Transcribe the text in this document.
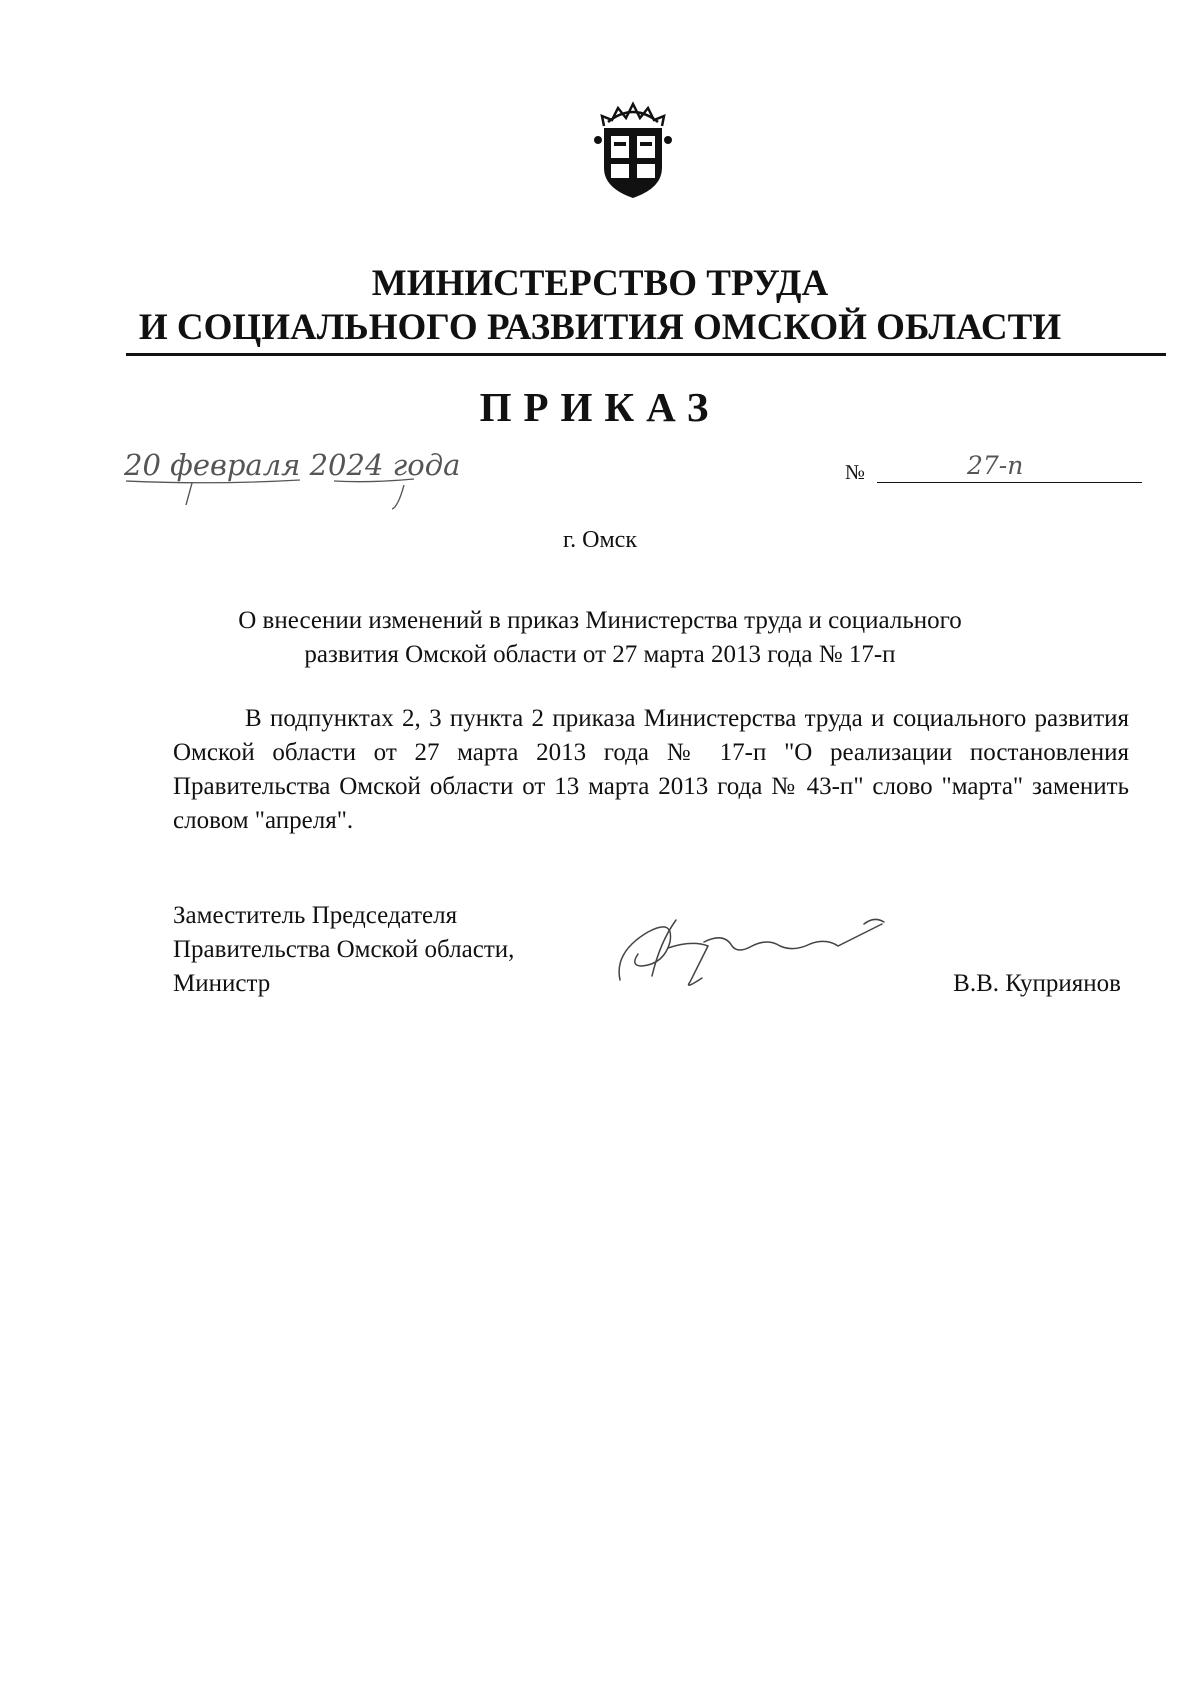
МИНИСТЕРСТВО ТРУДА
И СОЦИАЛЬНОГО РАЗВИТИЯ ОМСКОЙ ОБЛАСТИ
ПРИКАЗ
20 февраля 2024 года	№	27-п
г. Омск
О внесении изменений в приказ Министерства труда и социального
развития Омской области от 27 марта 2013 года № 17-п
В подпунктах 2, 3 пункта 2 приказа Министерства труда и социального развития Омской области от 27 марта 2013 года № 17-п "О реализации постановления Правительства Омской области от 13 марта 2013 года № 43-п" слово "марта" заменить словом "апреля".
Заместитель Председателя
Правительства Омской области,
Министр	В.В. Куприянов
